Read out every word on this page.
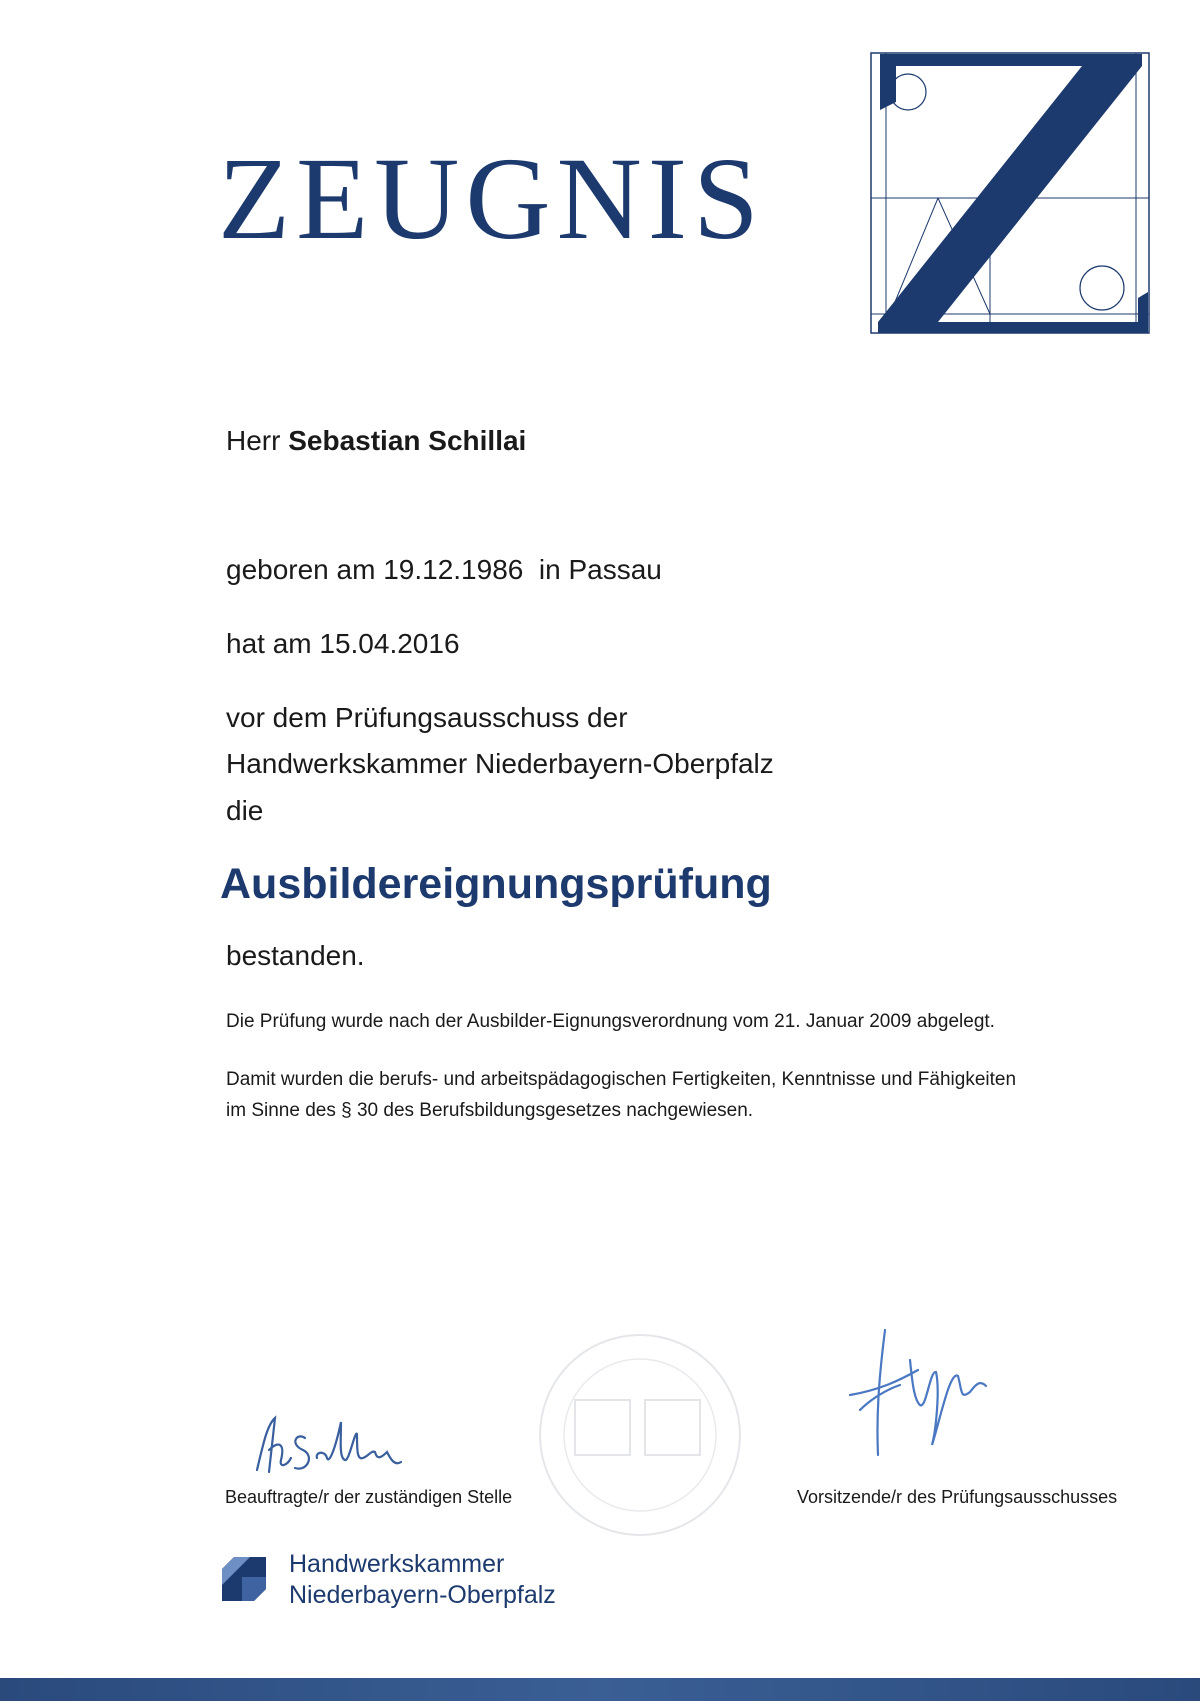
ZEUGNIS
Herr Sebastian Schillai
geboren am 19.12.1986  in Passau
hat am 15.04.2016
vor dem Prüfungsausschuss der
Handwerkskammer Niederbayern-Oberpfalz
die
Ausbildereignungsprüfung
bestanden.
Die Prüfung wurde nach der Ausbilder-Eignungsverordnung vom 21. Januar 2009 abgelegt.
Damit wurden die berufs- und arbeitspädagogischen Fertigkeiten, Kenntnisse und Fähigkeiten
im Sinne des § 30 des Berufsbildungsgesetzes nachgewiesen.
Beauftragte/r der zuständigen Stelle	Vorsitzende/r des Prüfungsausschusses
Handwerkskammer
Niederbayern-Oberpfalz
